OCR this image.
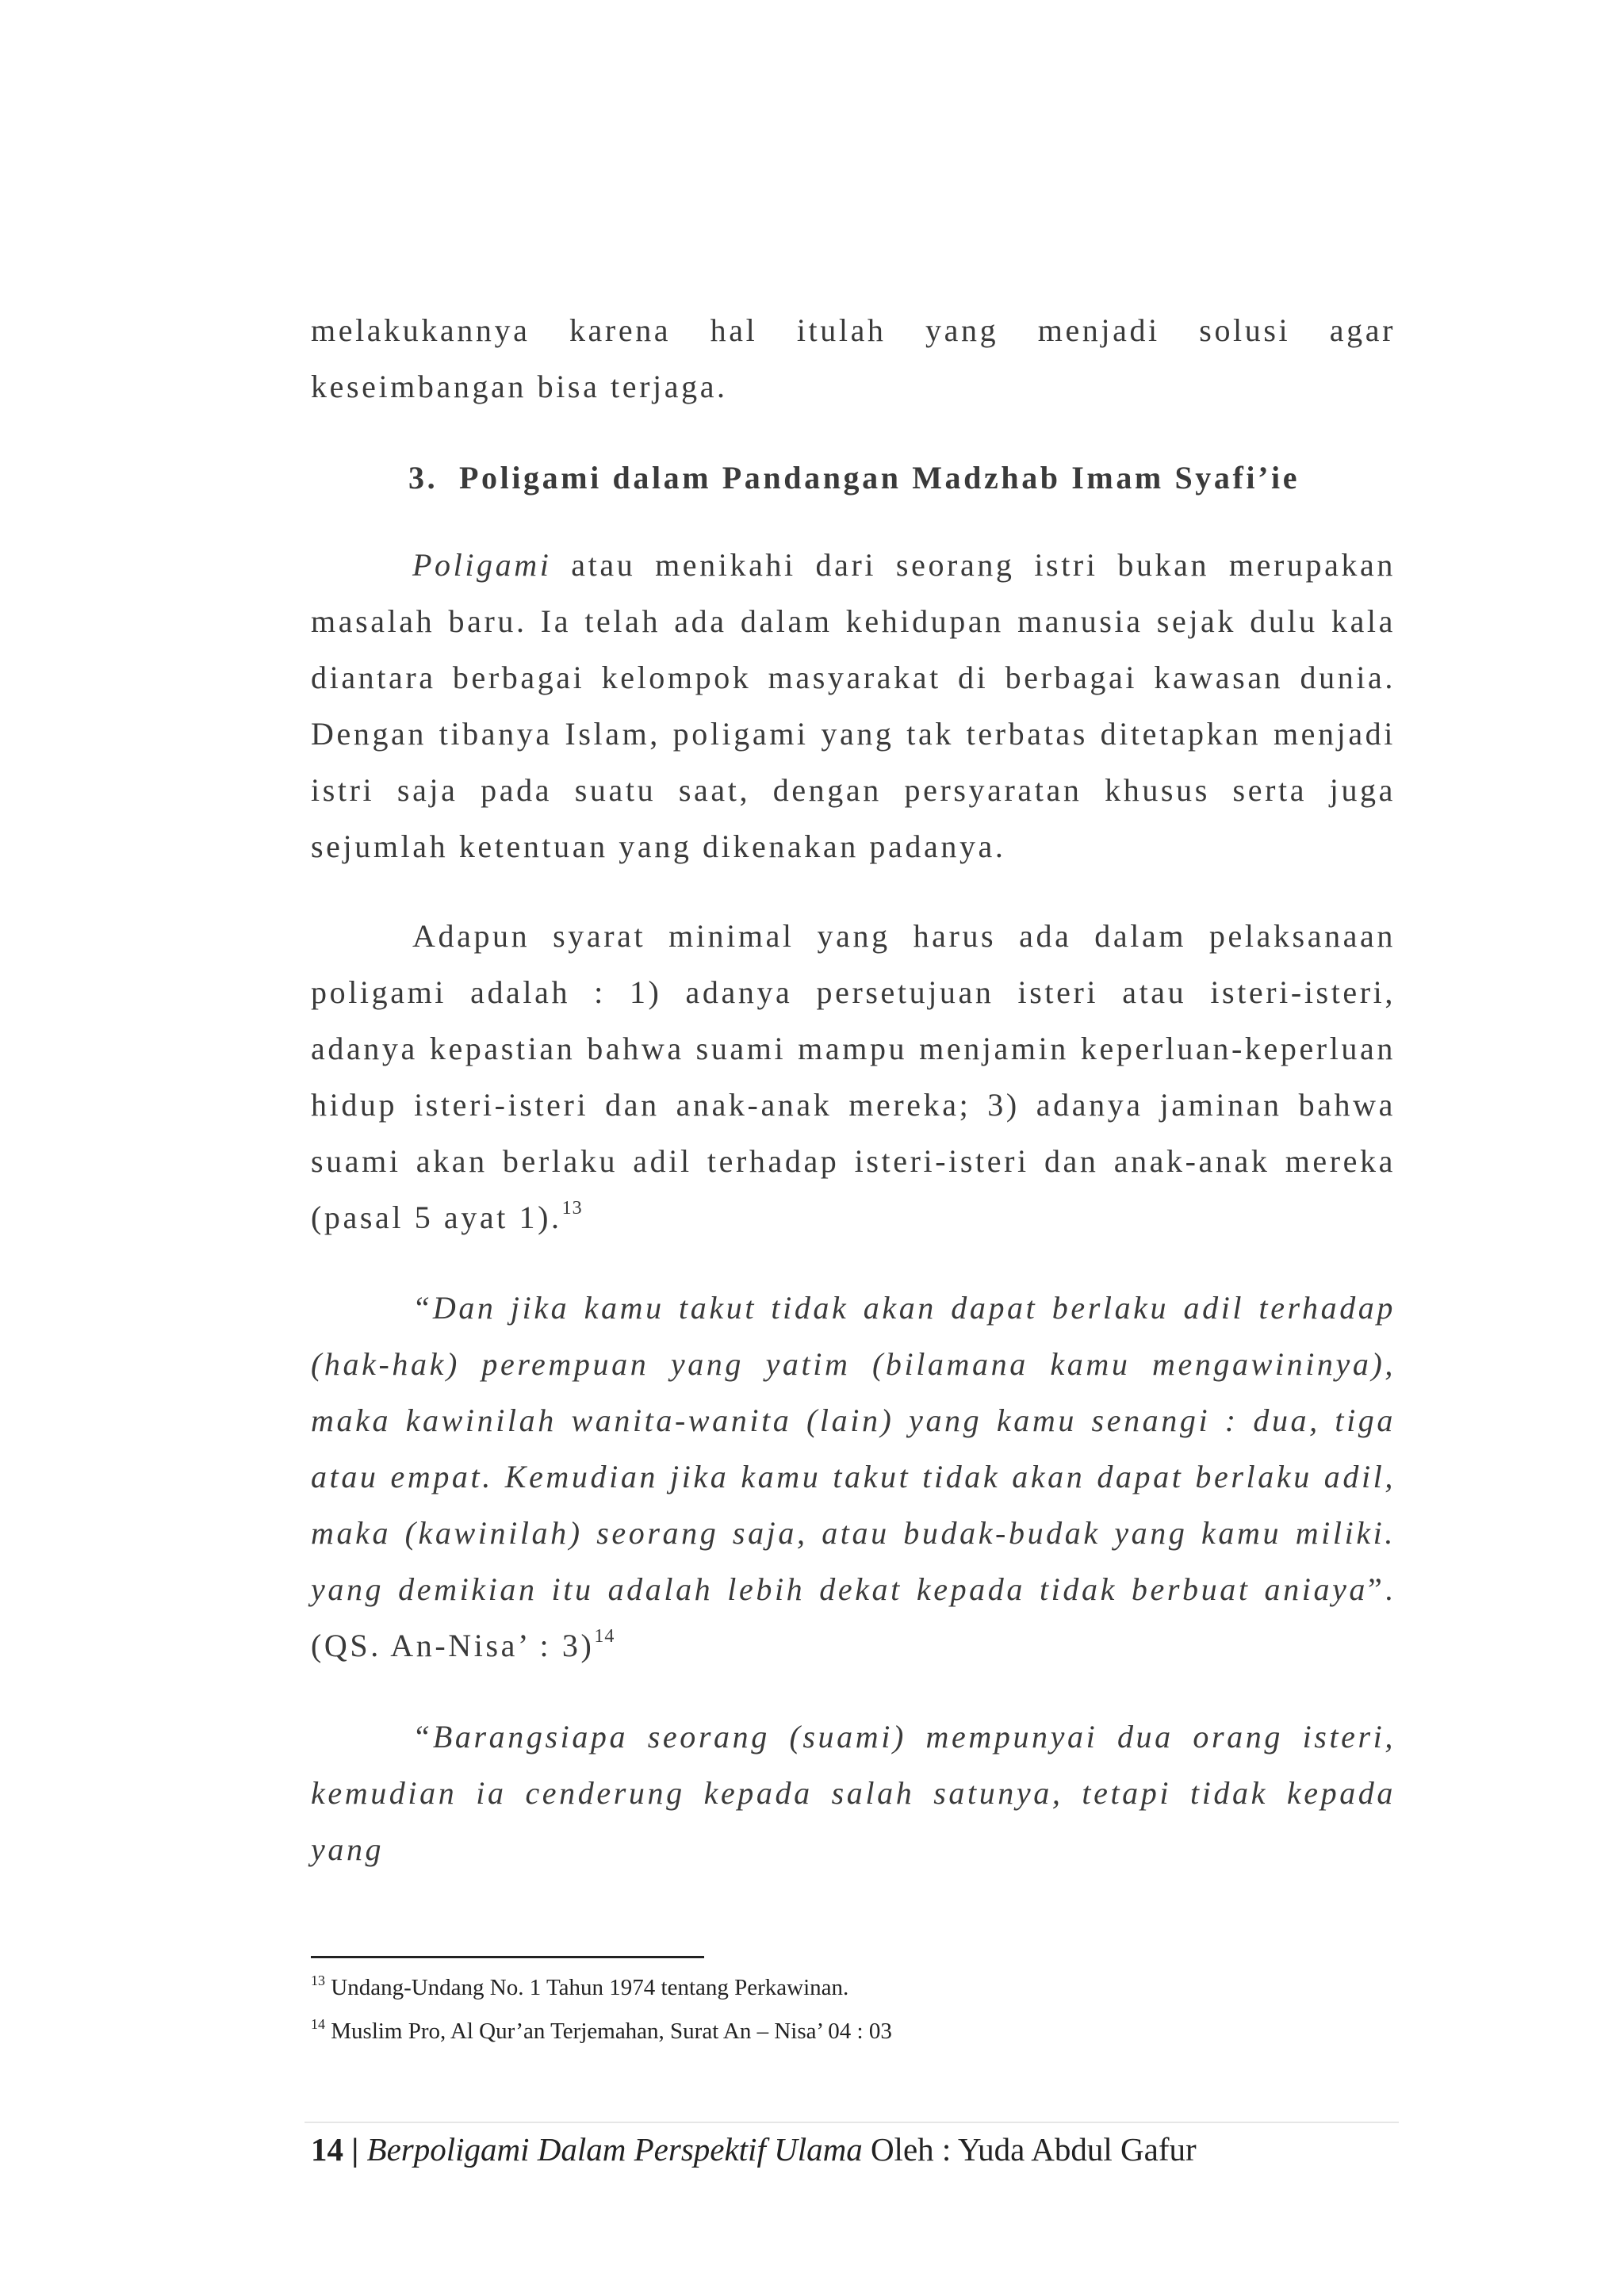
melakukannya karena hal itulah yang menjadi solusi agar keseimbangan bisa terjaga.

3. Poligami dalam Pandangan Madzhab Imam Syafi’ie

Poligami atau menikahi dari seorang istri bukan merupakan masalah baru. Ia telah ada dalam kehidupan manusia sejak dulu kala diantara berbagai kelompok masyarakat di berbagai kawasan dunia. Dengan tibanya Islam, poligami yang tak terbatas ditetapkan menjadi istri saja pada suatu saat, dengan persyaratan khusus serta juga sejumlah ketentuan yang dikenakan padanya.

Adapun syarat minimal yang harus ada dalam pelaksanaan poligami adalah : 1) adanya persetujuan isteri atau isteri-isteri, adanya kepastian bahwa suami mampu menjamin keperluan-keperluan hidup isteri-isteri dan anak-anak mereka; 3) adanya jaminan bahwa suami akan berlaku adil terhadap isteri-isteri dan anak-anak mereka (pasal 5 ayat 1).$^{13}$

“Dan jika kamu takut tidak akan dapat berlaku adil terhadap (hak-hak) perempuan yang yatim (bilamana kamu mengawininya), maka kawinilah wanita-wanita (lain) yang kamu senangi : dua, tiga atau empat. Kemudian jika kamu takut tidak akan dapat berlaku adil, maka (kawinilah) seorang saja, atau budak-budak yang kamu miliki. yang demikian itu adalah lebih dekat kepada tidak berbuat aniaya”. (QS. An-Nisa’ : 3)$^{14}$

“Barangsiapa seorang (suami) mempunyai dua orang isteri, kemudian ia cenderung kepada salah satunya, tetapi tidak kepada yang

$^{13}$ Undang-Undang No. 1 Tahun 1974 tentang Perkawinan.

$^{14}$ Muslim Pro, Al Qur’an Terjemahan, Surat An – Nisa’ 04 : 03

14 | Berpoligami Dalam Perspektif Ulama Oleh : Yuda Abdul Gafur
